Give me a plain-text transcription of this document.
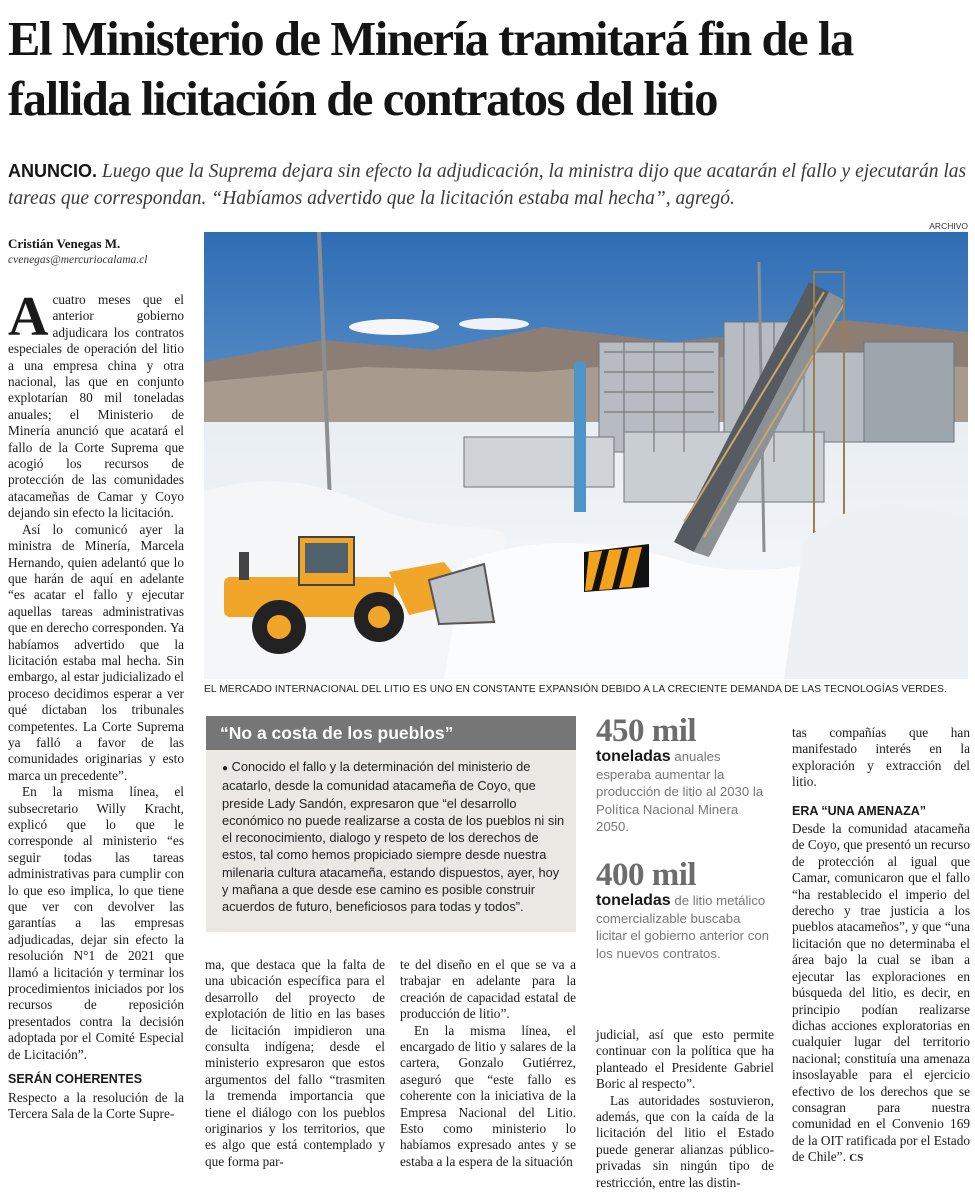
El Ministerio de Minería tramitará fin de la fallida licitación de contratos del litio

ANUNCIO. Luego que la Suprema dejara sin efecto la adjudicación, la ministra dijo que acatarán el fallo y ejecutarán las tareas que correspondan. “Habíamos advertido que la licitación estaba mal hecha”, agregó.

ARCHIVO
Cristián Venegas M.
cvenegas@mercuriocalama.cl
A cuatro meses que el anterior gobierno adjudicara los contratos especiales de operación del litio a una empresa china y otra nacional, las que en conjunto explotarían 80 mil toneladas anuales; el Ministerio de Minería anunció que acatará el fallo de la Corte Suprema que acogió los recursos de protección de las comunidades atacameñas de Camar y Coyo dejando sin efecto la licitación.

Así lo comunicó ayer la ministra de Minería, Marcela Hernando, quien adelantó que lo que harán de aquí en adelante “es acatar el fallo y ejecutar aquellas tareas administrativas que en derecho corresponden. Ya habíamos advertido que la licitación estaba mal hecha. Sin embargo, al estar judicializado el proceso decidimos esperar a ver qué dictaban los tribunales competentes. La Corte Suprema ya falló a favor de las comunidades originarias y esto marca un precedente”.

En la misma línea, el subsecretario Willy Kracht, explicó que lo que le corresponde al ministerio “es seguir todas las tareas administrativas para cumplir con lo que eso implica, lo que tiene que ver con devolver las garantías a las empresas adjudicadas, dejar sin efecto la resolución N°1 de 2021 que llamó a licitación y terminar los procedimientos iniciados por los recursos de reposición presentados contra la decisión adoptada por el Comité Especial de Licitación”.

SERÁN COHERENTES

Respecto a la resolución de la Tercera Sala de la Corte Supre-

EL MERCADO INTERNACIONAL DEL LITIO ES UNO EN CONSTANTE EXPANSIÓN DEBIDO A LA CRECIENTE DEMANDA DE LAS TECNOLOGÍAS VERDES.
“No a costa de los pueblos”
● Conocido el fallo y la determinación del ministerio de acatarlo, desde la comunidad atacameña de Coyo, que preside Lady Sandón, expresaron que “el desarrollo económico no puede realizarse a costa de los pueblos ni sin el reconocimiento, dialogo y respeto de los derechos de estos, tal como hemos propiciado siempre desde nuestra milenaria cultura atacameña, estando dispuestos, ayer, hoy y mañana a que desde ese camino es posible construir acuerdos de futuro, beneficiosos para todas y todos”.

ma, que destaca que la falta de una ubicación específica para el desarrollo del proyecto de explotación de litio en las bases de licitación impidieron una consulta indígena; desde el ministerio expresaron que estos argumentos del fallo “trasmiten la tremenda importancia que tiene el diálogo con los pueblos originarios y los territorios, que es algo que está contemplado y que forma par-

te del diseño en el que se va a trabajar en adelante para la creación de capacidad estatal de producción de litio”.

En la misma línea, el encargado de litio y salares de la cartera, Gonzalo Gutiérrez, aseguró que “este fallo es coherente con la iniciativa de la Empresa Nacional del Litio. Esto como ministerio lo habíamos expresado antes y se estaba a la espera de la situación

450 mil
toneladas anuales esperaba aumentar la producción de litio al 2030 la Política Nacional Minera 2050.
400 mil
toneladas de litio metálico comercializable buscaba licitar el gobierno anterior con los nuevos contratos.

judicial, así que esto permite continuar con la política que ha planteado el Presidente Gabriel Boric al respecto”.

Las autoridades sostuvieron, además, que con la caída de la licitación del litio el Estado puede generar alianzas público-privadas sin ningún tipo de restricción, entre las distin-

tas compañías que han manifestado interés en la exploración y extracción del litio.

ERA “UNA AMENAZA”

Desde la comunidad atacameña de Coyo, que presentó un recurso de protección al igual que Camar, comunicaron que el fallo “ha restablecido el imperio del derecho y trae justicia a los pueblos atacameños”, y que “una licitación que no determinaba el área bajo la cual se iban a ejecutar las exploraciones en búsqueda del litio, es decir, en principio podían realizarse dichas acciones exploratorias en cualquier lugar del territorio nacional; constituía una amenaza insoslayable para el ejercicio efectivo de los derechos que se consagran para nuestra comunidad en el Convenio 169 de la OIT ratificada por el Estado de Chile”. CS
